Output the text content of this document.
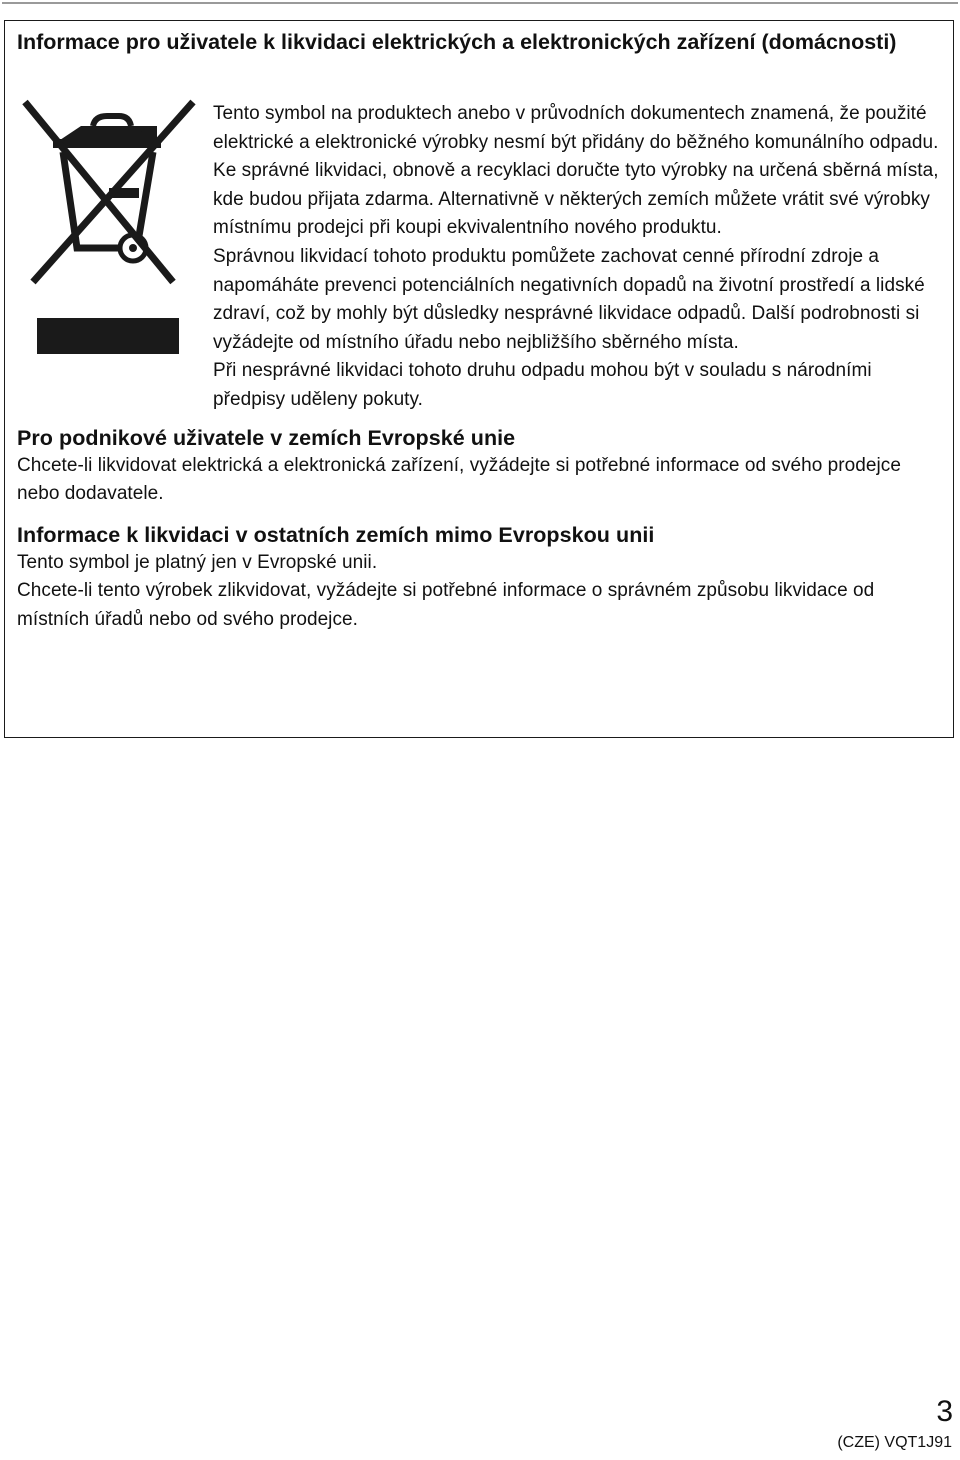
Informace pro uživatele k likvidaci elektrických a elektronických zařízení (domácnosti)

Tento symbol na produktech anebo v průvodních dokumentech znamená, že použité elektrické a elektronické výrobky nesmí být přidány do běžného komunálního odpadu.

Ke správné likvidaci, obnově a recyklaci doručte tyto výrobky na určená sběrná místa, kde budou přijata zdarma. Alternativně v některých zemích můžete vrátit své výrobky místnímu prodejci při koupi ekvivalentního nového produktu.

Správnou likvidací tohoto produktu pomůžete zachovat cenné přírodní zdroje a napomáháte prevenci potenciálních negativních dopadů na životní prostředí a lidské zdraví, což by mohly být důsledky nesprávné likvidace odpadů. Další podrobnosti si vyžádejte od místního úřadu nebo nejbližšího sběrného místa.

Při nesprávné likvidaci tohoto druhu odpadu mohou být v souladu s národními předpisy uděleny pokuty.

Pro podnikové uživatele v zemích Evropské unie

Chcete-li likvidovat elektrická a elektronická zařízení, vyžádejte si potřebné informace od svého prodejce nebo dodavatele.

Informace k likvidaci v ostatních zemích mimo Evropskou unii

Tento symbol je platný jen v Evropské unii.

Chcete-li tento výrobek zlikvidovat, vyžádejte si potřebné informace o správném způsobu likvidace od místních úřadů nebo od svého prodejce.

3
(CZE) VQT1J91
